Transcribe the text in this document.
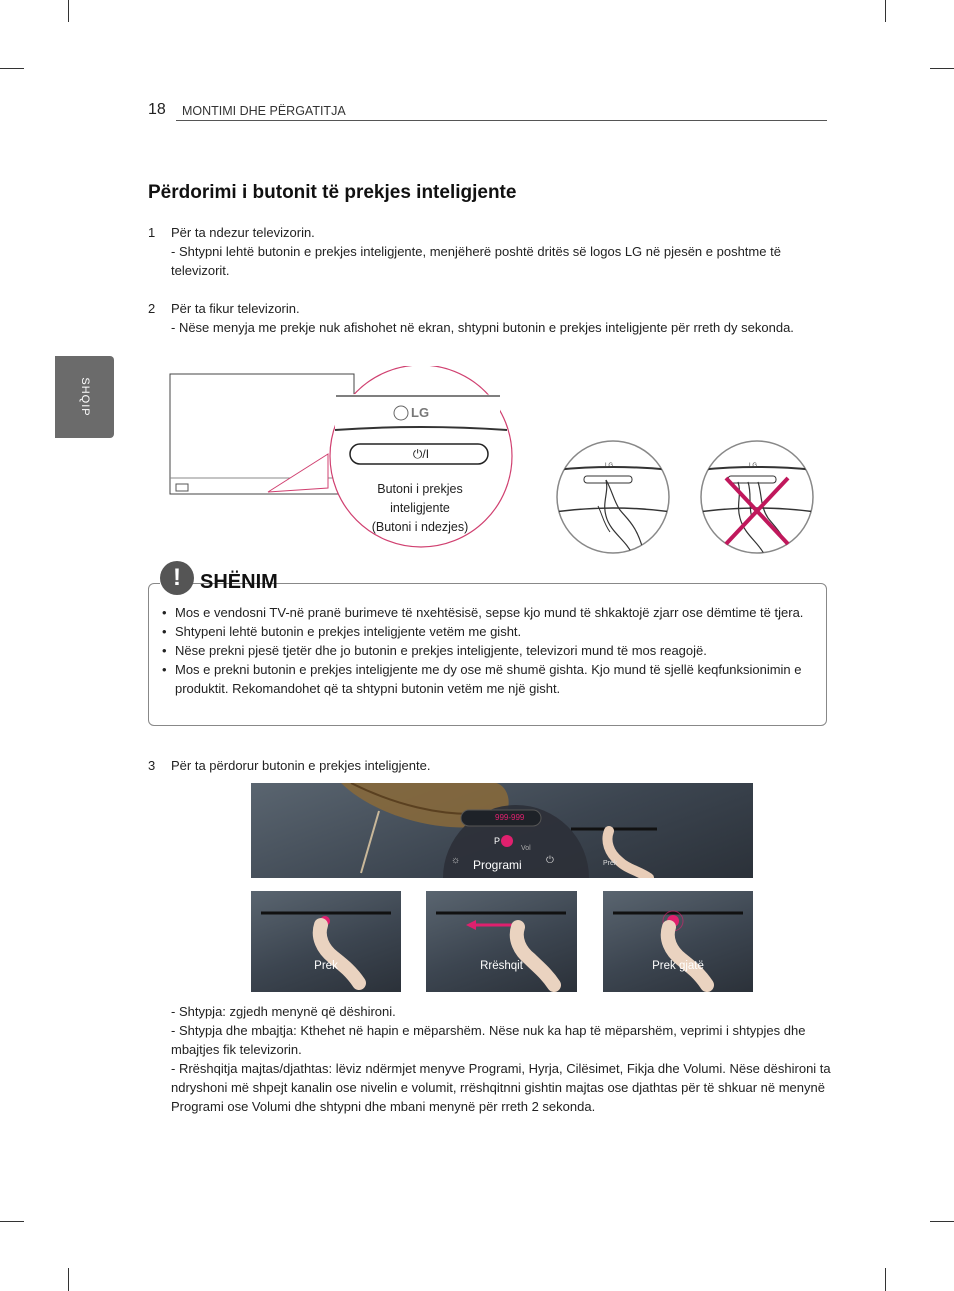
18 MONTIMI DHE PËRGATITJA
SHQIP
Përdorimi i butonit të prekjes inteligjente
1	Për ta ndezur televizorin.
- Shtypni lehtë butonin e prekjes inteligjente, menjëherë poshtë dritës së logos LG në pjesën e poshtme të televizorit.
2	Për ta fikur televizorin.
- Nëse menyja me prekje nuk afishohet në ekran, shtypni butonin e prekjes inteligjente për rreth dy sekonda.
LG
⏻/I
Butoni i prekjes
inteligjente
(Butoni i ndezjes)
LG	LG
! SHËNIM
• Mos e vendosni TV-në pranë burimeve të nxehtësisë, sepse kjo mund të shkaktojë zjarr ose dëmtime të tjera.
• Shtypeni lehtë butonin e prekjes inteligjente vetëm me gisht.
• Nëse prekni pjesë tjetër dhe jo butonin e prekjes inteligjente, televizori mund të mos reagojë.
• Mos e prekni butonin e prekjes inteligjente me dy ose më shumë gishta. Kjo mund të sjellë keqfunksionimin e produktit. Rekomandohet që ta shtypni butonin vetëm me një gisht.
3	Për ta përdorur butonin e prekjes inteligjente.
999-999
P
Vol
Programi
☼	⏻	Prek
Prek	Rrëshqit	Prek gjatë

- Shtypja: zgjedh menynë që dëshironi.

- Shtypja dhe mbajtja: Kthehet në hapin e mëparshëm. Nëse nuk ka hap të mëparshëm, veprimi i shtypjes dhe mbajtjes fik televizorin.

- Rrëshqitja majtas/djathtas: lëviz ndërmjet menyve Programi, Hyrja, Cilësimet, Fikja dhe Volumi. Nëse dëshironi ta ndryshoni më shpejt kanalin ose nivelin e volumit, rrëshqitnni gishtin majtas ose djathtas për të shkuar në menynë Programi ose Volumi dhe shtypni dhe mbani menynë për rreth 2 sekonda.
